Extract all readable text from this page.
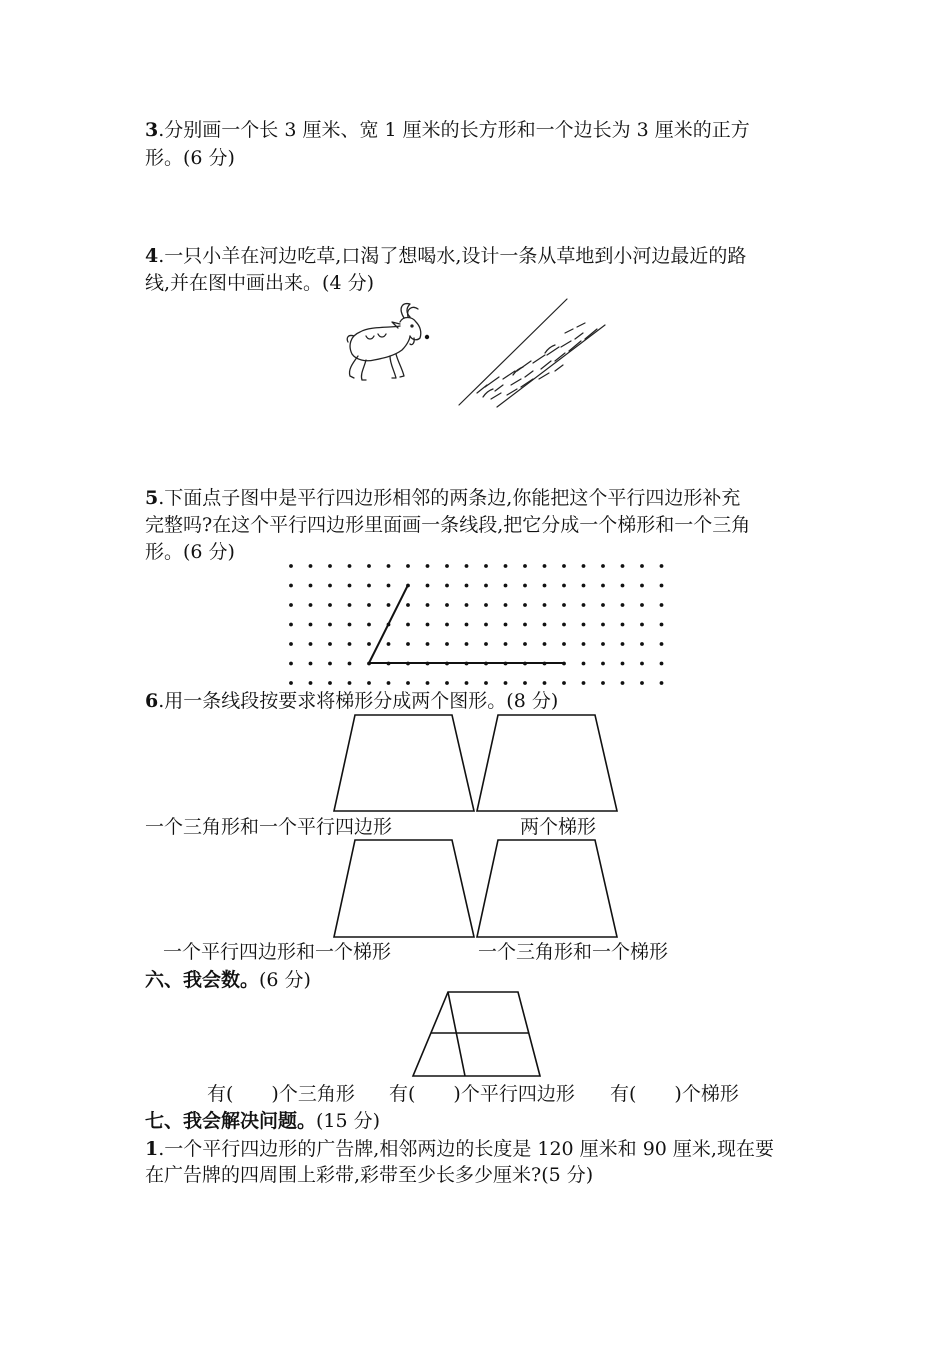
3.分别画一个长 3 厘米、宽 1 厘米的长方形和一个边长为 3 厘米的正方
形。(6 分)
4.一只小羊在河边吃草,口渴了想喝水,设计一条从草地到小河边最近的路
线,并在图中画出来。(4 分)
5.下面点子图中是平行四边形相邻的两条边,你能把这个平行四边形补充
完整吗?在这个平行四边形里面画一条线段,把它分成一个梯形和一个三角
形。(6 分)
6.用一条线段按要求将梯形分成两个图形。(8 分)
一个三角形和一个平行四边形	两个梯形
一个平行四边形和一个梯形	一个三角形和一个梯形
六、我会数。(6 分)
有(　　)个三角形 有(　　)个平行四边形 有(　　)个梯形
七、我会解决问题。(15 分)
1.一个平行四边形的广告牌,相邻两边的长度是 120 厘米和 90 厘米,现在要
在广告牌的四周围上彩带,彩带至少长多少厘米?(5 分)
